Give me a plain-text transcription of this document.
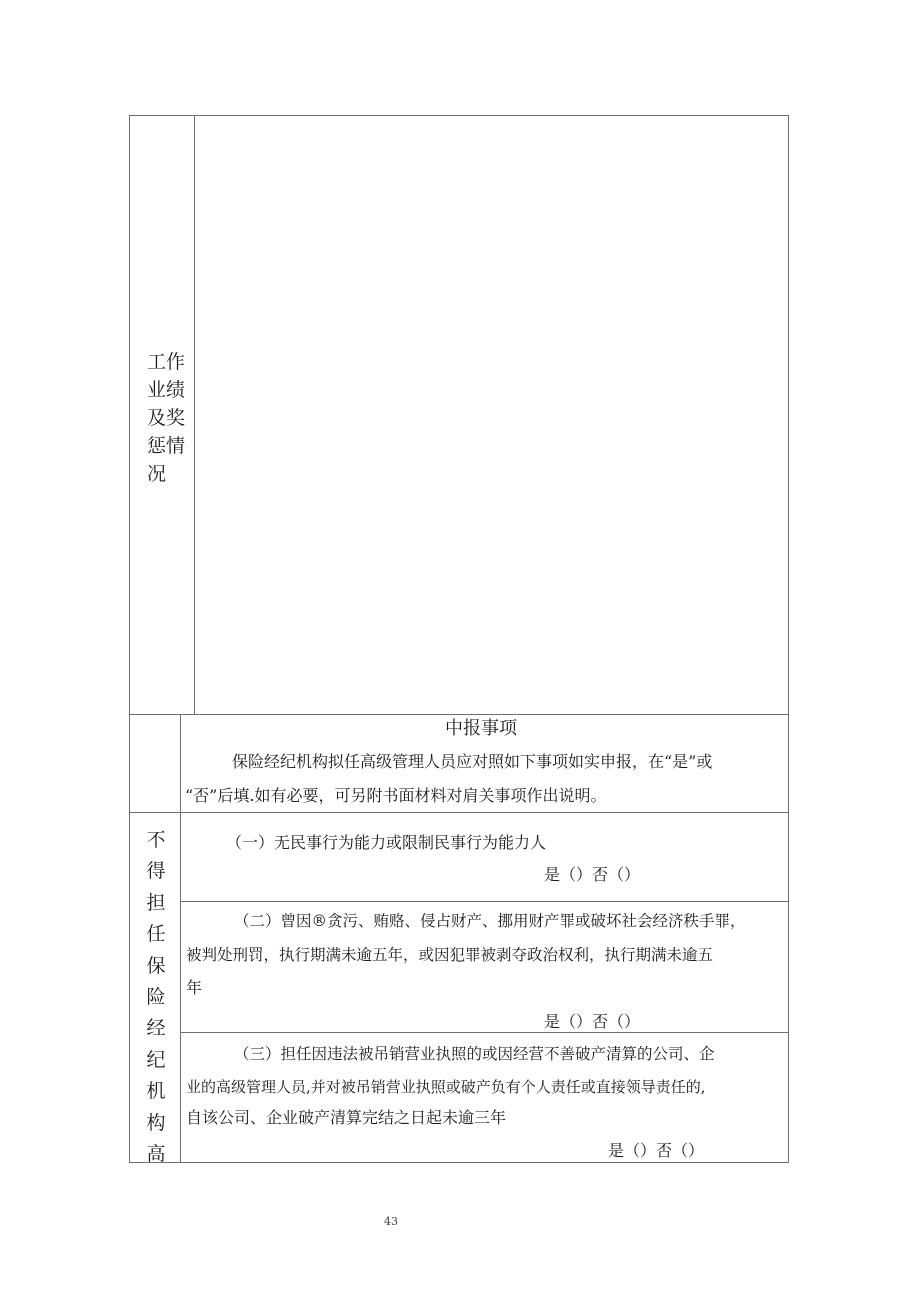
工作业绩及奖惩情况
中报事项
保险经纪机构拟任高级管理人员应对照如下事项如实申报，在“是”或
“否”后填.如有必要，可另附书面材料对肩关事项作出说明。
不
得
担
任
保
险
经
纪
机
构
高
（一）无民事行为能力或限制民事行为能力人
是（）否（）
（二）曾因®贪污、贿赂、侵占财产、挪用财产罪或破坏社会经济秩手罪，
被判处刑罚，执行期满未逾五年，或因犯罪被剥夺政治权利，执行期满未逾五
年
是（）否（）
（三）担任因违法被吊销营业执照的或因经营不善破产清算的公司、企
业的高级管理人员,并对被吊销营业执照或破产负有个人责任或直接领导责任的,
自该公司、企业破产清算完结之日起未逾三年
是（）否（）
43
